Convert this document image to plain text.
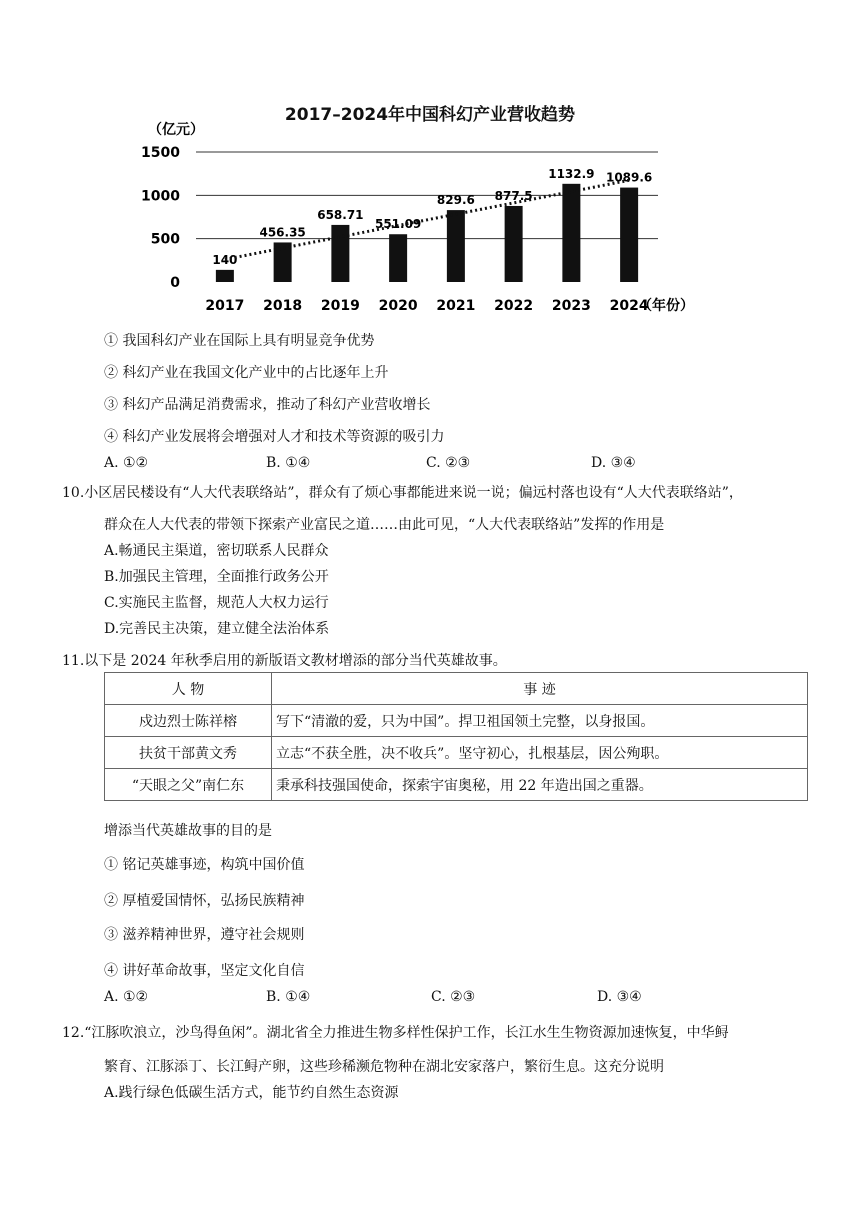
2017–2024年中国科幻产业营收趋势
0
500
1000
1500
140
456.35
658.71
551.09
829.6 877.5
1132.9 1089.6
2017 2018 2019 2020 2021 2022 2023 2024
（亿元）
（年份）
① 我国科幻产业在国际上具有明显竞争优势
② 科幻产业在我国文化产业中的占比逐年上升
③ 科幻产品满足消费需求，推动了科幻产业营收增长
④ 科幻产业发展将会增强对人才和技术等资源的吸引力
A. ①②	B. ①④	C. ②③	D. ③④
10.小区居民楼设有“人大代表联络站”，群众有了烦心事都能进来说一说；偏远村落也设有“人大代表联络站”，
群众在人大代表的带领下探索产业富民之道……由此可见，“人大代表联络站”发挥的作用是
A.畅通民主渠道，密切联系人民群众
B.加强民主管理，全面推行政务公开
C.实施民主监督，规范人大权力运行
D.完善民主决策，建立健全法治体系
11.以下是 2024 年秋季启用的新版语文教材增添的部分当代英雄故事。
人 物	事 迹
戍边烈士陈祥榕	写下“清澈的爱，只为中国”。捍卫祖国领土完整，以身报国。
扶贫干部黄文秀	立志“不获全胜，决不收兵”。坚守初心，扎根基层，因公殉职。
“天眼之父”南仁东	秉承科技强国使命，探索宇宙奥秘，用 22 年造出国之重器。
增添当代英雄故事的目的是
① 铭记英雄事迹，构筑中国价值
② 厚植爱国情怀，弘扬民族精神
③ 滋养精神世界，遵守社会规则
④ 讲好革命故事，坚定文化自信
A. ①②	B. ①④	C. ②③	D. ③④
12.“江豚吹浪立，沙鸟得鱼闲”。湖北省全力推进生物多样性保护工作，长江水生生物资源加速恢复，中华鲟
繁育、江豚添丁、长江鲟产卵，这些珍稀濒危物种在湖北安家落户，繁衍生息。这充分说明
A.践行绿色低碳生活方式，能节约自然生态资源
